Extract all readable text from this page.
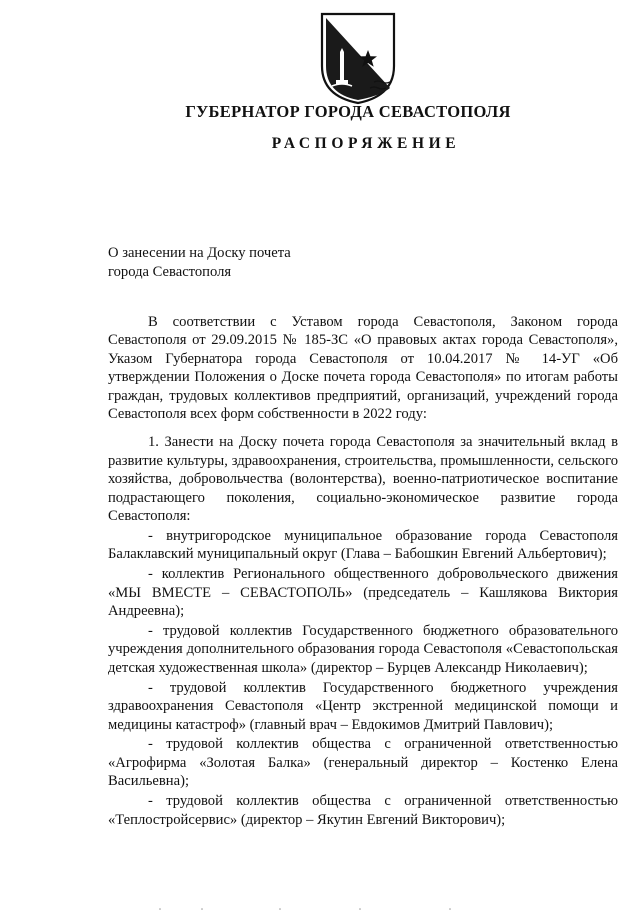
ГУБЕРНАТОР ГОРОДА СЕВАСТОПОЛЯ
РАСПОРЯЖЕНИЕ
О занесении на Доску почета
города Севастополя

В соответствии с Уставом города Севастополя, Законом города Севастополя от 29.09.2015 № 185-ЗС «О правовых актах города Севастополя», Указом Губернатора города Севастополя от 10.04.2017 № 14-УГ «Об утверждении Положения о Доске почета города Севастополя» по итогам работы граждан, трудовых коллективов предприятий, организаций, учреждений города Севастополя всех форм собственности в 2022 году:

1. Занести на Доску почета города Севастополя за значительный вклад в развитие культуры, здравоохранения, строительства, промышленности, сельского хозяйства, добровольчества (волонтерства), военно-патриотическое воспитание подрастающего поколения, социально-экономическое развитие города Севастополя:

- внутригородское муниципальное образование города Севастополя Балаклавский муниципальный округ (Глава – Бабошкин Евгений Альбертович);

- коллектив Регионального общественного добровольческого движения «МЫ ВМЕСТЕ – СЕВАСТОПОЛЬ» (председатель – Кашлякова Виктория Андреевна);

- трудовой коллектив Государственного бюджетного образовательного учреждения дополнительного образования города Севастополя «Севастопольская детская художественная школа» (директор – Бурцев Александр Николаевич);

- трудовой коллектив Государственного бюджетного учреждения здравоохранения Севастополя «Центр экстренной медицинской помощи и медицины катастроф» (главный врач – Евдокимов Дмитрий Павлович);

- трудовой коллектив общества с ограниченной ответственностью «Агрофирма «Золотая Балка» (генеральный директор – Костенко Елена Васильевна);

- трудовой коллектив общества с ограниченной ответственностью «Теплостройсервис» (директор – Якутин Евгений Викторович);
